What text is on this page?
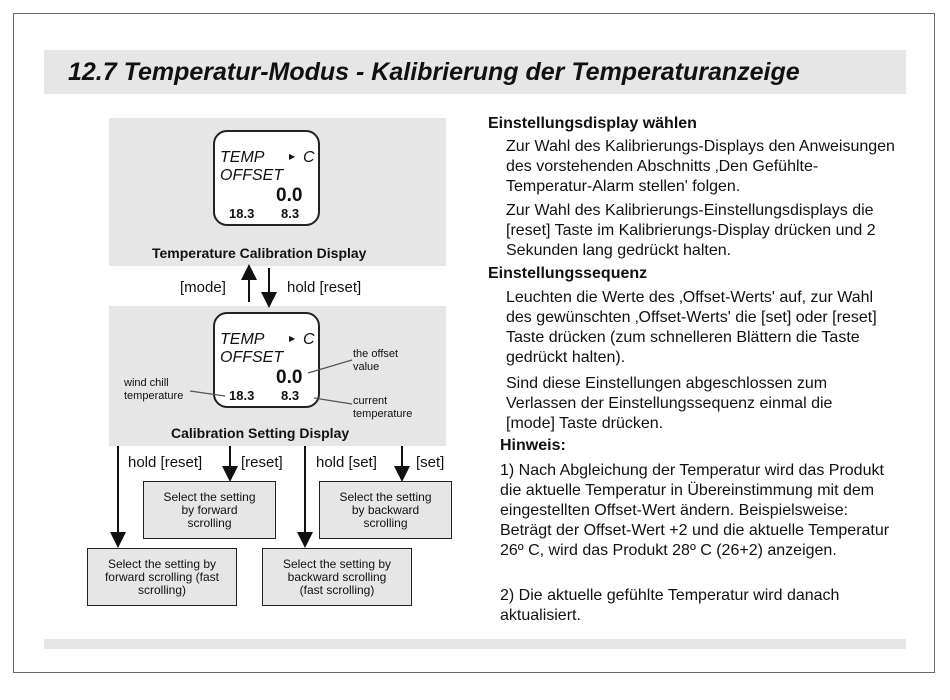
12.7 Temperatur-Modus - Kalibrierung der Temperaturanzeige
TEMP	▶ C
OFFSET
0.0
18.3 8.3
Temperature Calibration Display
[mode]	hold [reset]
TEMP	▶ C
OFFSET
0.0
18.3 8.3
the offset value
wind chill temperature	current temperature
Calibration Setting Display
hold [reset]	[reset] hold [set]	[set]
Select the setting by forward scrolling
Select the setting by backward scrolling
Select the setting by forward scrolling (fast scrolling)
Select the setting by backward scrolling (fast scrolling)
Einstellungsdisplay wählen
Zur Wahl des Kalibrierungs-Displays den Anweisungen des vorstehenden Abschnitts ‚Den Gefühlte-Temperatur-Alarm stellen' folgen.
Zur Wahl des Kalibrierungs-Einstellungsdisplays die [reset] Taste im Kalibrierungs-Display drücken und 2 Sekunden lang gedrückt halten.
Einstellungssequenz
Leuchten die Werte des ‚Offset-Werts' auf, zur Wahl des gewünschten ‚Offset-Werts' die [set] oder [reset] Taste drücken (zum schnelleren Blättern die Taste gedrückt halten).
Sind diese Einstellungen abgeschlossen zum Verlassen der Einstellungssequenz einmal die [mode] Taste drücken.
Hinweis:
1) Nach Abgleichung der Temperatur wird das Produkt die aktuelle Temperatur in Übereinstimmung mit dem eingestellten Offset-Wert ändern. Beispielsweise: Beträgt der Offset-Wert +2 und die aktuelle Temperatur 26º C, wird das Produkt 28º C (26+2) anzeigen.
2) Die aktuelle gefühlte Temperatur wird danach aktualisiert.
